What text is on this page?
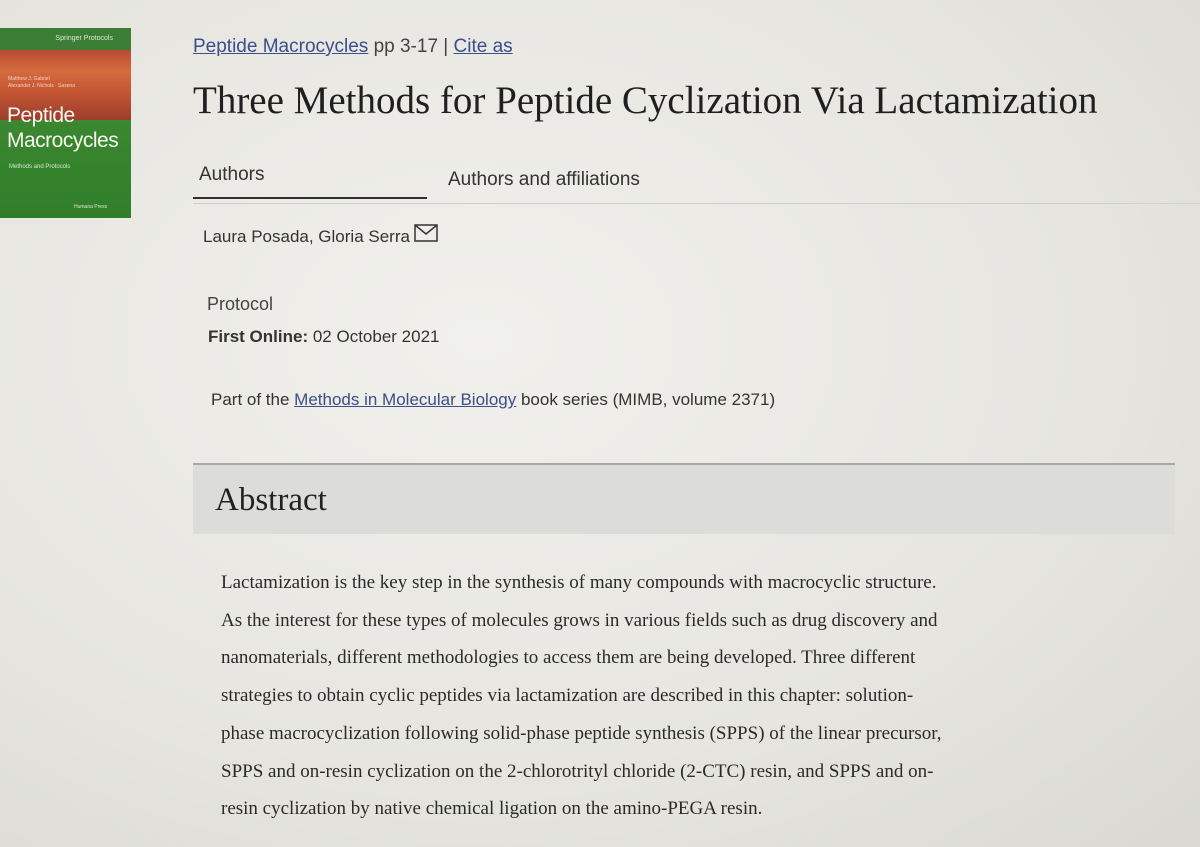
Springer Protocols
Matthew J. Gabriel
Alexander J. Nichols · Saxena
Peptide
Macrocycles
Methods and Protocols
Humana Press
Peptide Macrocycles pp 3-17 | Cite as
Three Methods for Peptide Cyclization Via Lactamization
Authors	Authors and affiliations
Laura Posada, Gloria Serra
Protocol
First Online: 02 October 2021
Part of the Methods in Molecular Biology book series (MIMB, volume 2371)
Abstract
Lactamization is the key step in the synthesis of many compounds with macrocyclic structure.
As the interest for these types of molecules grows in various fields such as drug discovery and
nanomaterials, different methodologies to access them are being developed. Three different
strategies to obtain cyclic peptides via lactamization are described in this chapter: solution-
phase macrocyclization following solid-phase peptide synthesis (SPPS) of the linear precursor,
SPPS and on-resin cyclization on the 2-chlorotrityl chloride (2-CTC) resin, and SPPS and on-
resin cyclization by native chemical ligation on the amino-PEGA resin.
